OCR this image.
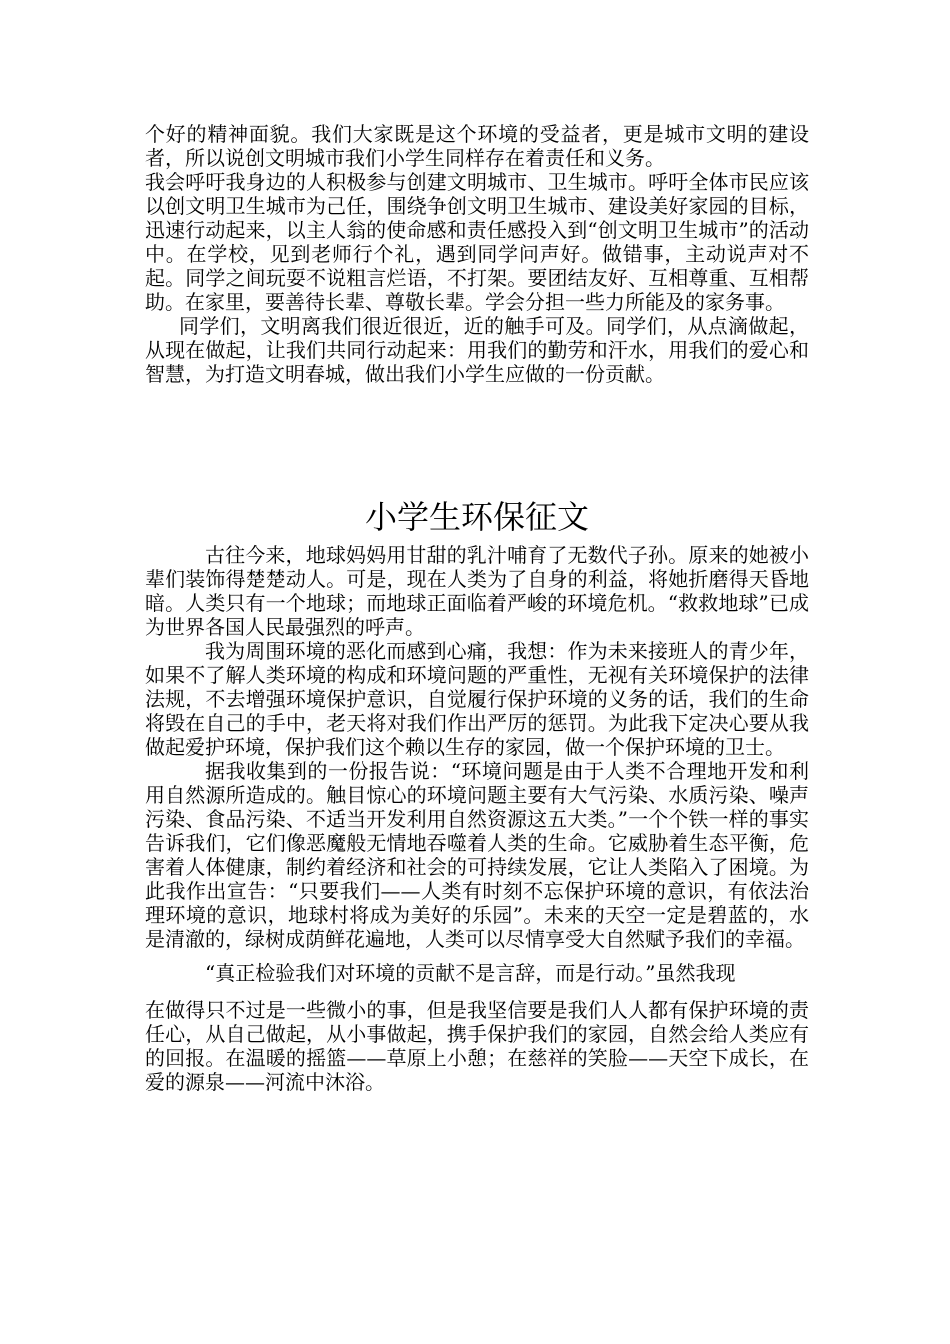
个好的精神面貌。我们大家既是这个环境的受益者，更是城市文明的建设者，所以说创文明城市我们小学生同样存在着责任和义务。

我会呼吁我身边的人积极参与创建文明城市、卫生城市。呼吁全体市民应该以创文明卫生城市为己任，围绕争创文明卫生城市、建设美好家园的目标，迅速行动起来，以主人翁的使命感和责任感投入到“创文明卫生城市”的活动中。在学校，见到老师行个礼，遇到同学问声好。做错事，主动说声对不起。同学之间玩耍不说粗言烂语，不打架。要团结友好、互相尊重、互相帮助。在家里，要善待长辈、尊敬长辈。学会分担一些力所能及的家务事。

同学们，文明离我们很近很近，近的触手可及。同学们，从点滴做起，从现在做起，让我们共同行动起来：用我们的勤劳和汗水，用我们的爱心和智慧，为打造文明春城，做出我们小学生应做的一份贡献。

小学生环保征文

古往今来，地球妈妈用甘甜的乳汁哺育了无数代子孙。原来的她被小辈们装饰得楚楚动人。可是，现在人类为了自身的利益，将她折磨得天昏地暗。人类只有一个地球；而地球正面临着严峻的环境危机。“救救地球”已成为世界各国人民最强烈的呼声。

我为周围环境的恶化而感到心痛，我想：作为未来接班人的青少年，如果不了解人类环境的构成和环境问题的严重性，无视有关环境保护的法律法规，不去增强环境保护意识，自觉履行保护环境的义务的话，我们的生命将毁在自己的手中，老天将对我们作出严厉的惩罚。为此我下定决心要从我做起爱护环境，保护我们这个赖以生存的家园，做一个保护环境的卫士。

据我收集到的一份报告说：“环境问题是由于人类不合理地开发和利用自然源所造成的。触目惊心的环境问题主要有大气污染、水质污染、噪声污染、食品污染、不适当开发利用自然资源这五大类。”一个个铁一样的事实告诉我们，它们像恶魔般无情地吞噬着人类的生命。它威胁着生态平衡，危害着人体健康，制约着经济和社会的可持续发展，它让人类陷入了困境。为此我作出宣告：“只要我们——人类有时刻不忘保护环境的意识，有依法治理环境的意识，地球村将成为美好的乐园”。未来的天空一定是碧蓝的，水是清澈的，绿树成荫鲜花遍地，人类可以尽情享受大自然赋予我们的幸福。

“真正检验我们对环境的贡献不是言辞，而是行动。”虽然我现

在做得只不过是一些微小的事，但是我坚信要是我们人人都有保护环境的责任心，从自己做起，从小事做起，携手保护我们的家园，自然会给人类应有的回报。在温暖的摇篮——草原上小憩；在慈祥的笑脸——天空下成长，在爱的源泉——河流中沐浴。
